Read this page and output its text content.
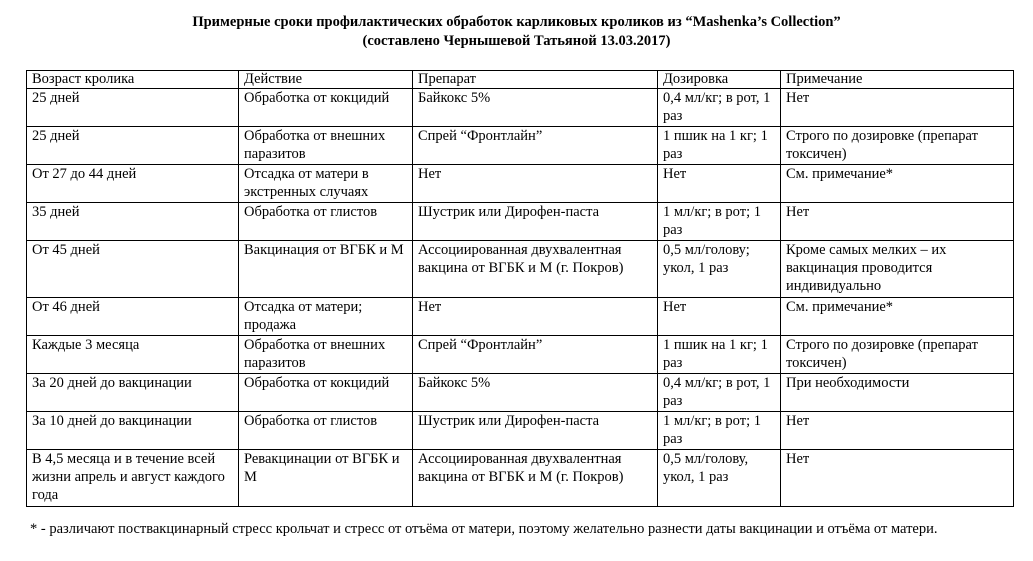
Примерные сроки профилактических обработок карликовых кроликов из “Mashenka’s Collection”
(составлено Чернышевой Татьяной 13.03.2017)
Возраст кролика	Действие	Препарат	Дозировка	Примечание
25 дней	Обработка от кокцидий	Байкокс 5%	0,4 мл/кг; в рот, 1 раз	Нет
25 дней	Обработка от внешних паразитов	Спрей “Фронтлайн”	1 пшик на 1 кг; 1 раз	Строго по дозировке (препарат токсичен)
От 27 до 44 дней	Отсадка от матери в экстренных случаях	Нет	Нет	См. примечание*
35 дней	Обработка от глистов	Шустрик или Дирофен-паста	1 мл/кг; в рот; 1 раз	Нет
От 45 дней	Вакцинация от ВГБК и М	Ассоциированная двухвалентная вакцина от ВГБК и М (г. Покров)	0,5 мл/голову; укол, 1 раз	Кроме самых мелких – их вакцинация проводится индивидуально
От 46 дней	Отсадка от матери; продажа	Нет	Нет	См. примечание*
Каждые 3 месяца	Обработка от внешних паразитов	Спрей “Фронтлайн”	1 пшик на 1 кг; 1 раз	Строго по дозировке (препарат токсичен)
За 20 дней до вакцинации	Обработка от кокцидий	Байкокс 5%	0,4 мл/кг; в рот, 1 раз	При необходимости
За 10 дней до вакцинации	Обработка от глистов	Шустрик или Дирофен-паста	1 мл/кг; в рот; 1 раз	Нет
В 4,5 месяца и в течение всей жизни апрель и август каждого года	Ревакцинации от ВГБК и М	Ассоциированная двухвалентная вакцина от ВГБК и М (г. Покров)	0,5 мл/голову, укол, 1 раз	Нет
* - различают поствакцинарный стресс крольчат и стресс от отъёма от матери, поэтому желательно разнести даты вакцинации и отъёма от матери.
